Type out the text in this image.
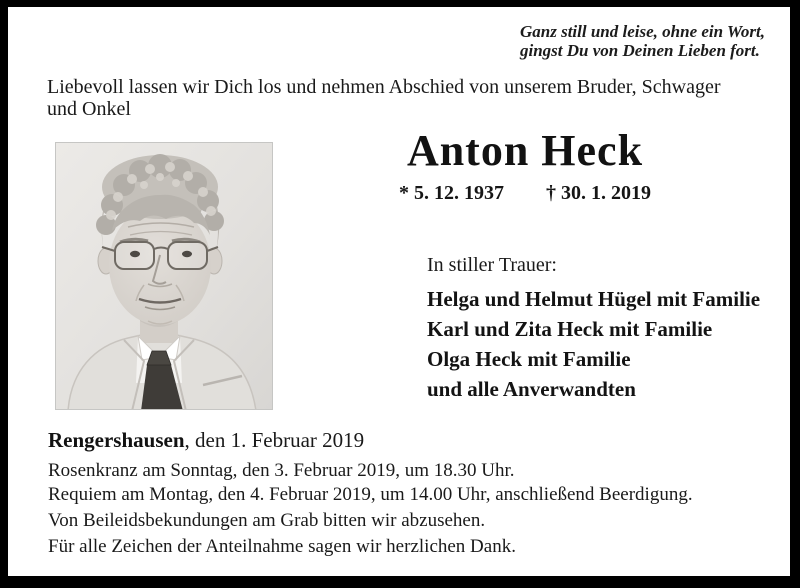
Ganz still und leise, ohne ein Wort,
gingst Du von Deinen Lieben fort.
Liebevoll lassen wir Dich los und nehmen Abschied von unserem Bruder, Schwager
und Onkel
Anton Heck
* 5. 12. 1937 † 30. 1. 2019
In stiller Trauer:
Helga und Helmut Hügel mit Familie
Karl und Zita Heck mit Familie
Olga Heck mit Familie
und alle Anverwandten
Rengershausen, den 1. Februar 2019
Rosenkranz am Sonntag, den 3. Februar 2019, um 18.30 Uhr.
Requiem am Montag, den 4. Februar 2019, um 14.00 Uhr, anschließend Beerdigung.
Von Beileidsbekundungen am Grab bitten wir abzusehen.
Für alle Zeichen der Anteilnahme sagen wir herzlichen Dank.
